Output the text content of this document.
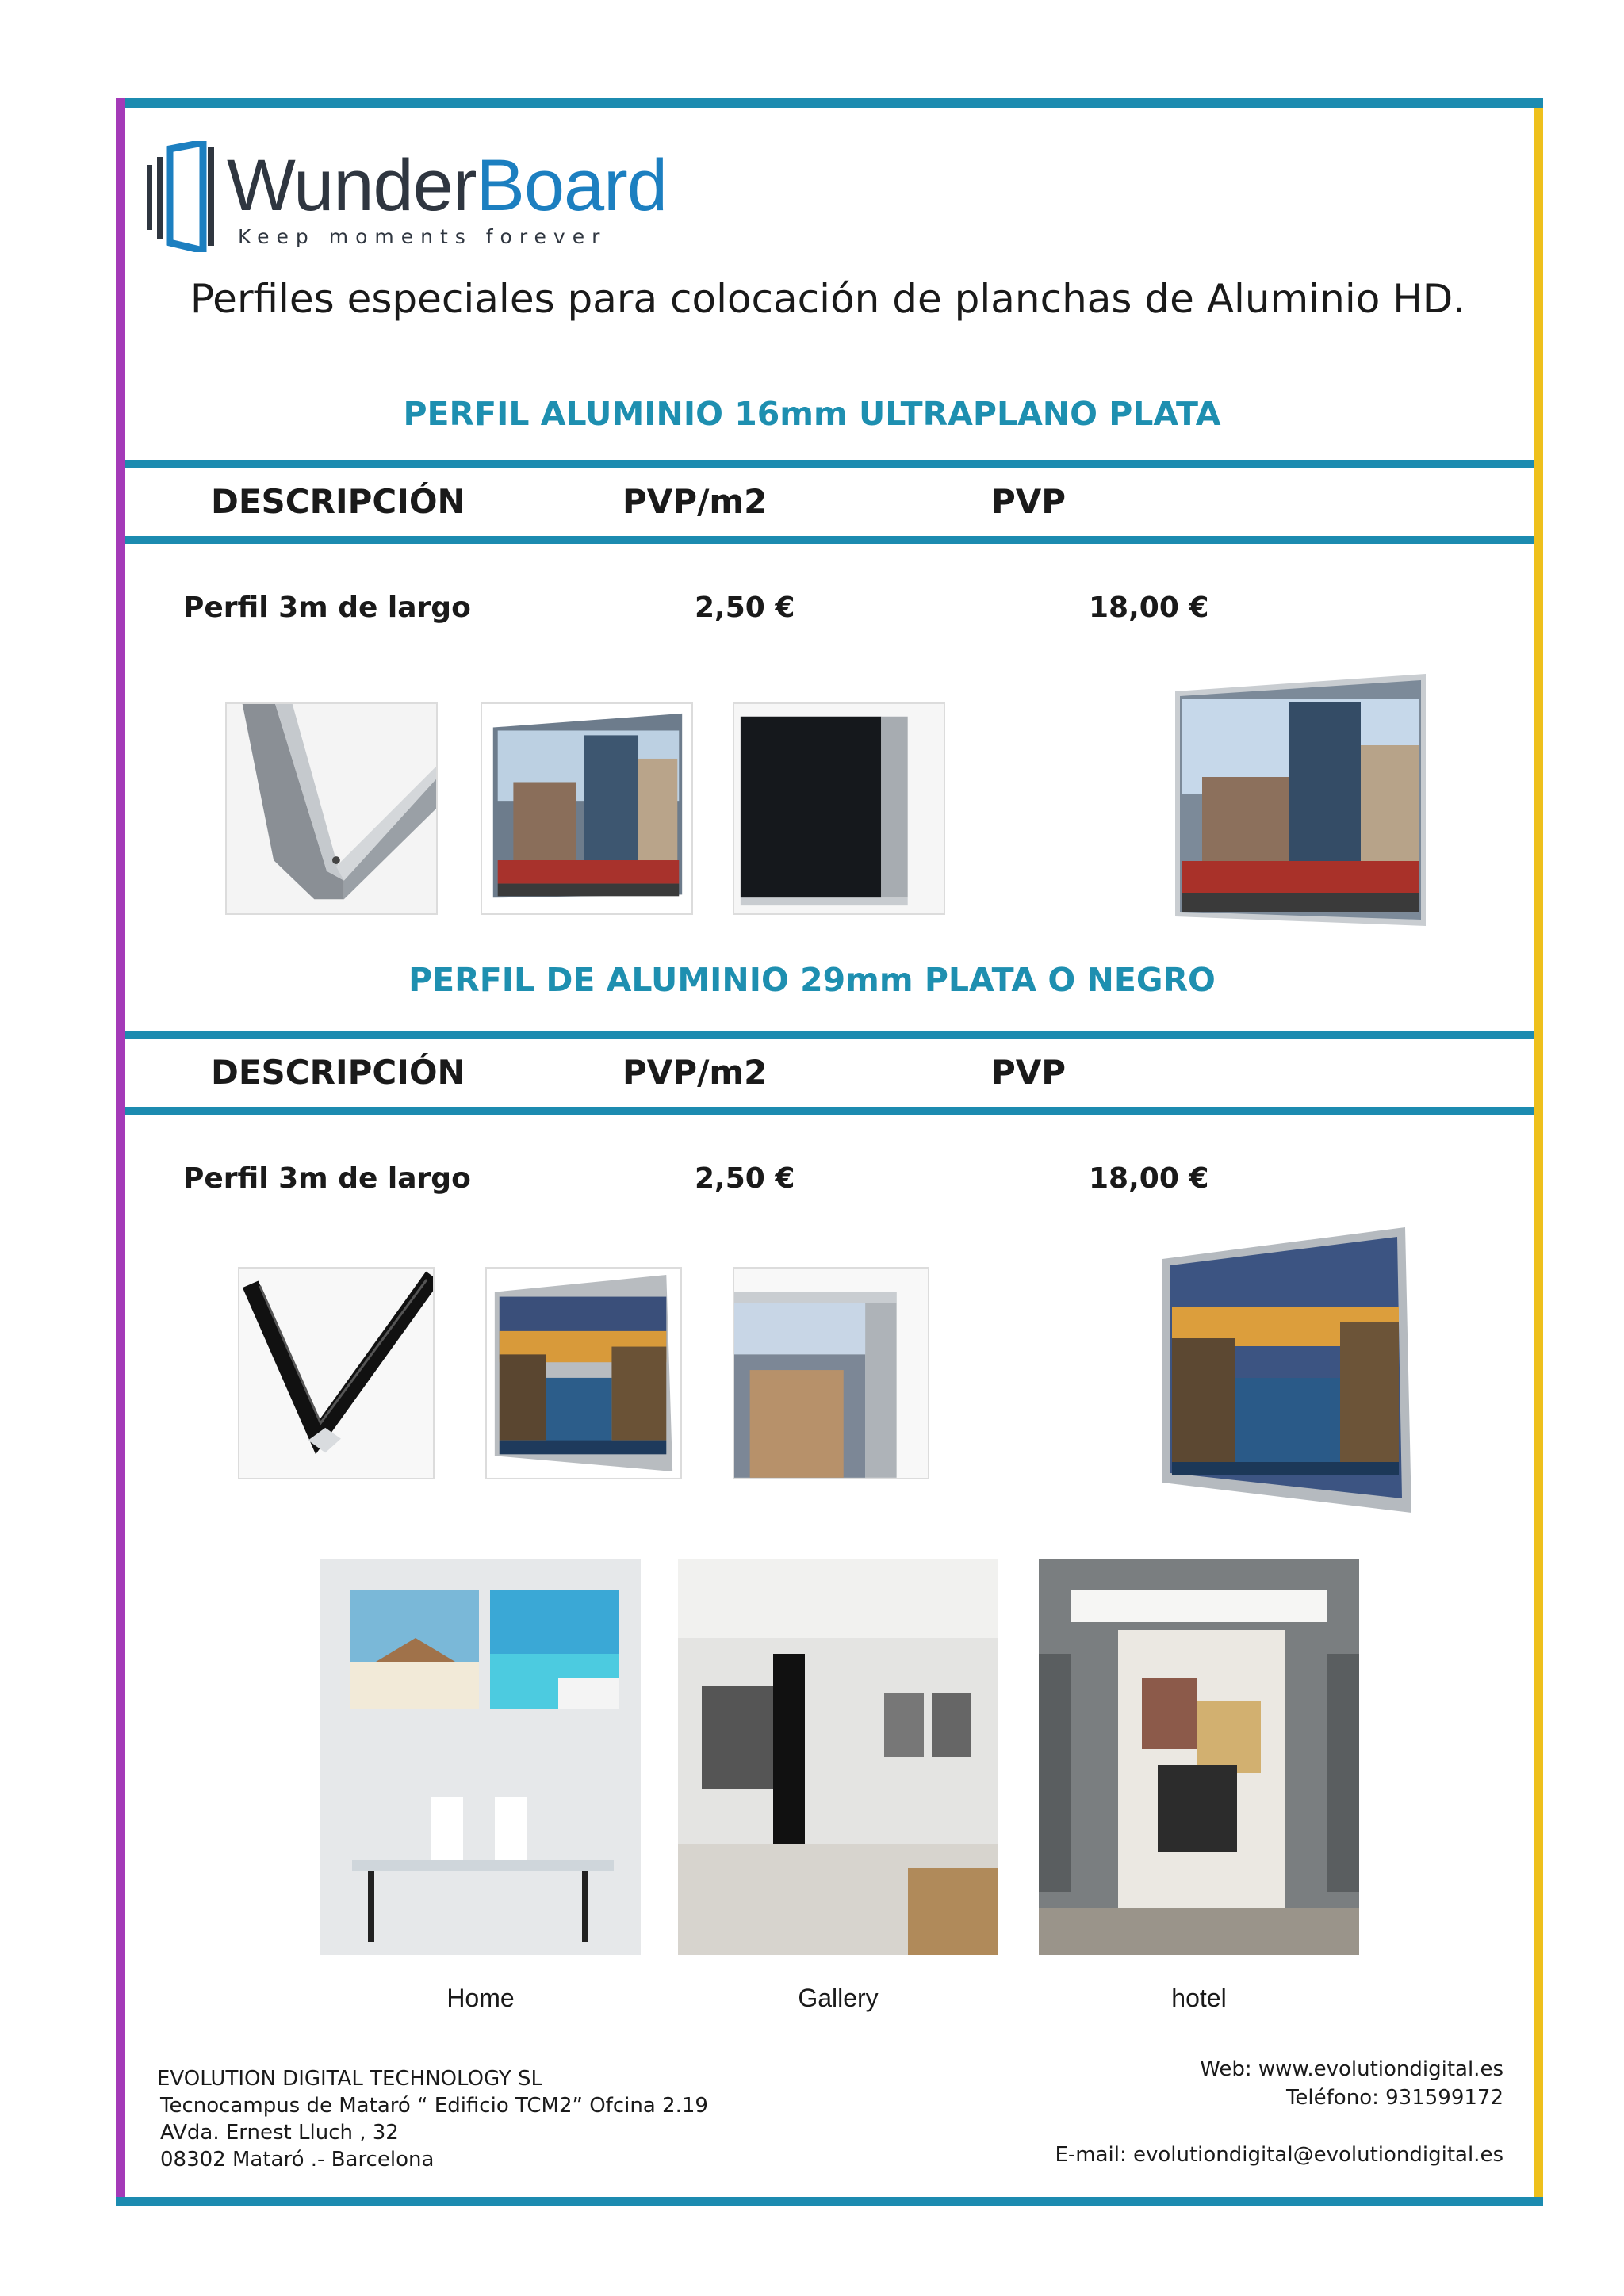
WunderBoard
Keep moments forever
Perfiles especiales para colocación de planchas de Aluminio HD.
PERFIL ALUMINIO 16mm ULTRAPLANO PLATA
DESCRIPCIÓN	PVP/m2	PVP
Perfil 3m de largo	2,50 €	18,00 €
PERFIL DE ALUMINIO 29mm PLATA O NEGRO
DESCRIPCIÓN	PVP/m2	PVP
Perfil 3m de largo	2,50 €	18,00 €
Home	Gallery	hotel
EVOLUTION DIGITAL TECHNOLOGY SL
Tecnocampus de Mataró “ Edificio TCM2” Ofcina 2.19
AVda. Ernest Lluch , 32
08302 Mataró .- Barcelona
Web: www.evolutiondigital.es
Teléfono: 931599172
E-mail: evolutiondigital@evolutiondigital.es
